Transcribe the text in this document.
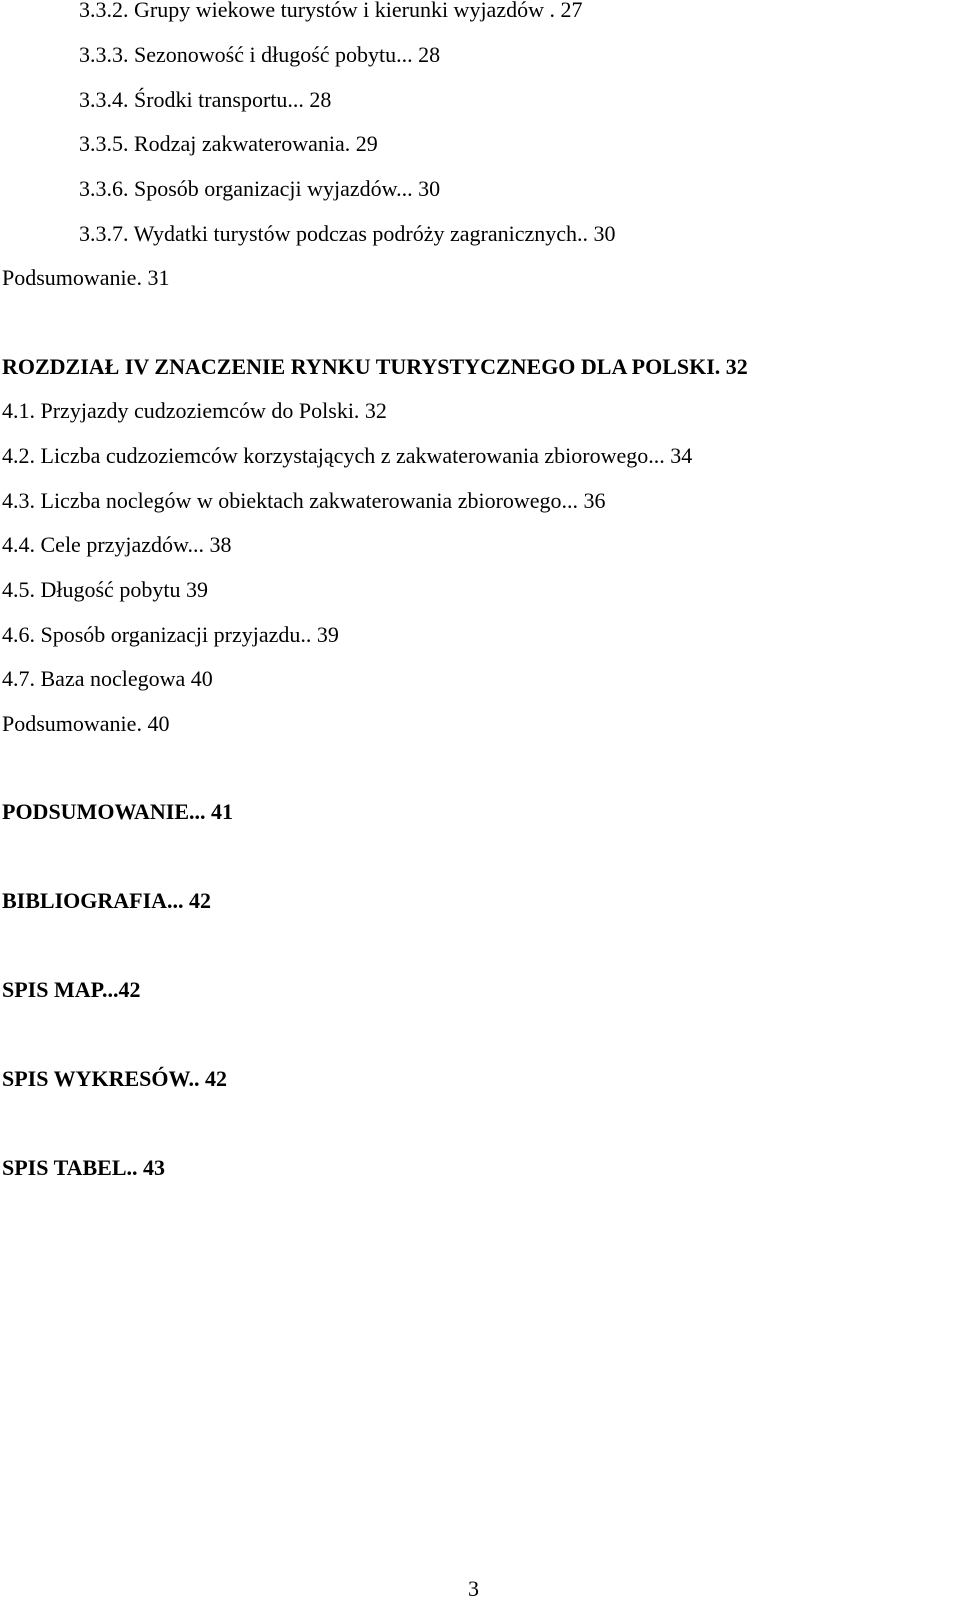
3.3.2. Grupy wiekowe turystów i kierunki wyjazdów . 27
3.3.3. Sezonowość i długość pobytu... 28
3.3.4. Środki transportu... 28
3.3.5. Rodzaj zakwaterowania. 29
3.3.6. Sposób organizacji wyjazdów... 30
3.3.7. Wydatki turystów podczas podróży zagranicznych.. 30
Podsumowanie. 31
ROZDZIAŁ IV ZNACZENIE RYNKU TURYSTYCZNEGO DLA POLSKI. 32
4.1. Przyjazdy cudzoziemców do Polski. 32
4.2. Liczba cudzoziemców korzystających z zakwaterowania zbiorowego... 34
4.3. Liczba noclegów w obiektach zakwaterowania zbiorowego... 36
4.4. Cele przyjazdów... 38
4.5. Długość pobytu 39
4.6. Sposób organizacji przyjazdu.. 39
4.7. Baza noclegowa 40
Podsumowanie. 40
PODSUMOWANIE... 41
BIBLIOGRAFIA... 42
SPIS MAP...42
SPIS WYKRESÓW.. 42
SPIS TABEL.. 43
3
